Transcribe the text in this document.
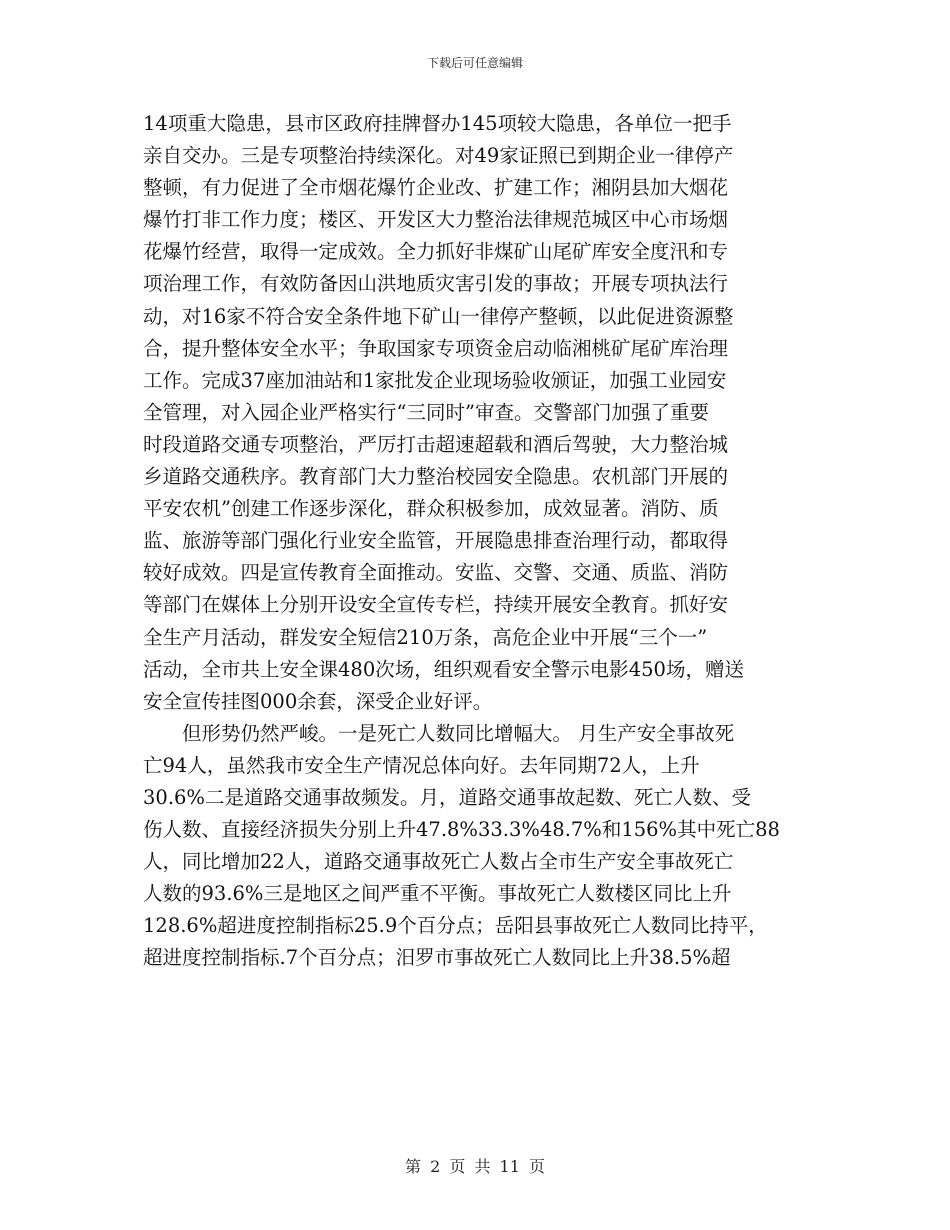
下载后可任意编辑
14项重大隐患，县市区政府挂牌督办145项较大隐患，各单位一把手
亲自交办。三是专项整治持续深化。对49家证照已到期企业一律停产
整顿，有力促进了全市烟花爆竹企业改、扩建工作；湘阴县加大烟花
爆竹打非工作力度；楼区、开发区大力整治法律规范城区中心市场烟
花爆竹经营，取得一定成效。全力抓好非煤矿山尾矿库安全度汛和专
项治理工作，有效防备因山洪地质灾害引发的事故；开展专项执法行
动，对16家不符合安全条件地下矿山一律停产整顿，以此促进资源整
合，提升整体安全水平；争取国家专项资金启动临湘桃矿尾矿库治理
工作。完成37座加油站和1家批发企业现场验收颁证，加强工业园安
全管理，对入园企业严格实行“三同时”审查。交警部门加强了重要
时段道路交通专项整治，严厉打击超速超载和酒后驾驶，大力整治城
乡道路交通秩序。教育部门大力整治校园安全隐患。农机部门开展的
平安农机”创建工作逐步深化，群众积极参加，成效显著。消防、质
监、旅游等部门强化行业安全监管，开展隐患排查治理行动，都取得
较好成效。四是宣传教育全面推动。安监、交警、交通、质监、消防
等部门在媒体上分别开设安全宣传专栏，持续开展安全教育。抓好安
全生产月活动，群发安全短信210万条，高危企业中开展“三个一”
活动，全市共上安全课480次场，组织观看安全警示电影450场，赠送
安全宣传挂图000余套，深受企业好评。
但形势仍然严峻。一是死亡人数同比增幅大。 月生产安全事故死
亡94人，虽然我市安全生产情况总体向好。去年同期72人，上升
30.6%二是道路交通事故频发。月，道路交通事故起数、死亡人数、受
伤人数、直接经济损失分别上升47.8%33.3%48.7%和156%其中死亡88
人，同比增加22人，道路交通事故死亡人数占全市生产安全事故死亡
人数的93.6%三是地区之间严重不平衡。事故死亡人数楼区同比上升
128.6%超进度控制指标25.9个百分点；岳阳县事故死亡人数同比持平，
超进度控制指标.7个百分点；汨罗市事故死亡人数同比上升38.5%超
第 2 页 共 11 页
